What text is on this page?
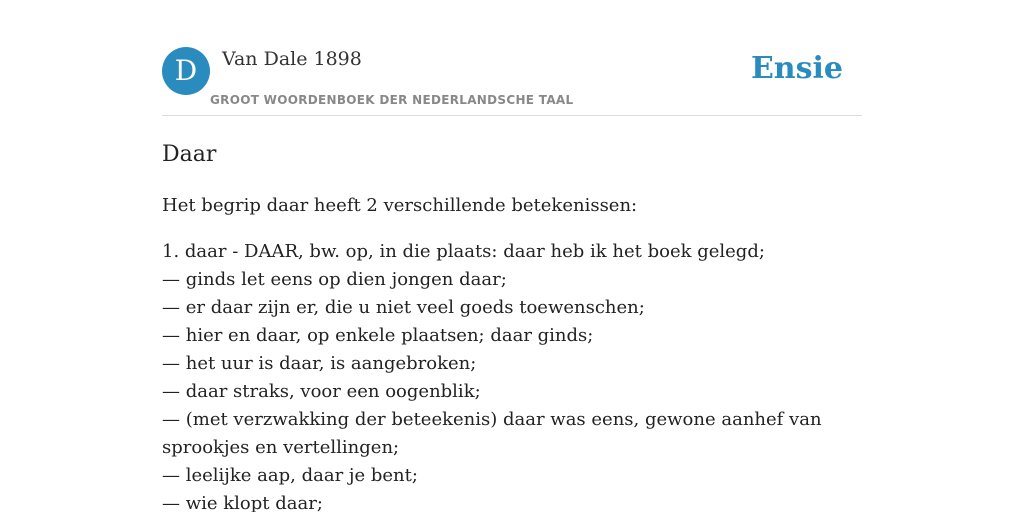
D	Van Dale 1898
GROOT WOORDENBOEK DER NEDERLANDSCHE TAAL
Ensie
Daar

Het begrip daar heeft 2 verschillende betekenissen:

1. daar - DAAR, bw. op, in die plaats: daar heb ik het boek gelegd;
— ginds let eens op dien jongen daar;
— er daar zijn er, die u niet veel goeds toewenschen;
— hier en daar, op enkele plaatsen; daar ginds;
— het uur is daar, is aangebroken;
— daar straks, voor een oogenblik;
— (met verzwakking der beteekenis) daar was eens, gewone aanhef van sprookjes en vertellingen;
— leelijke aap, daar je bent;
— wie klopt daar;
